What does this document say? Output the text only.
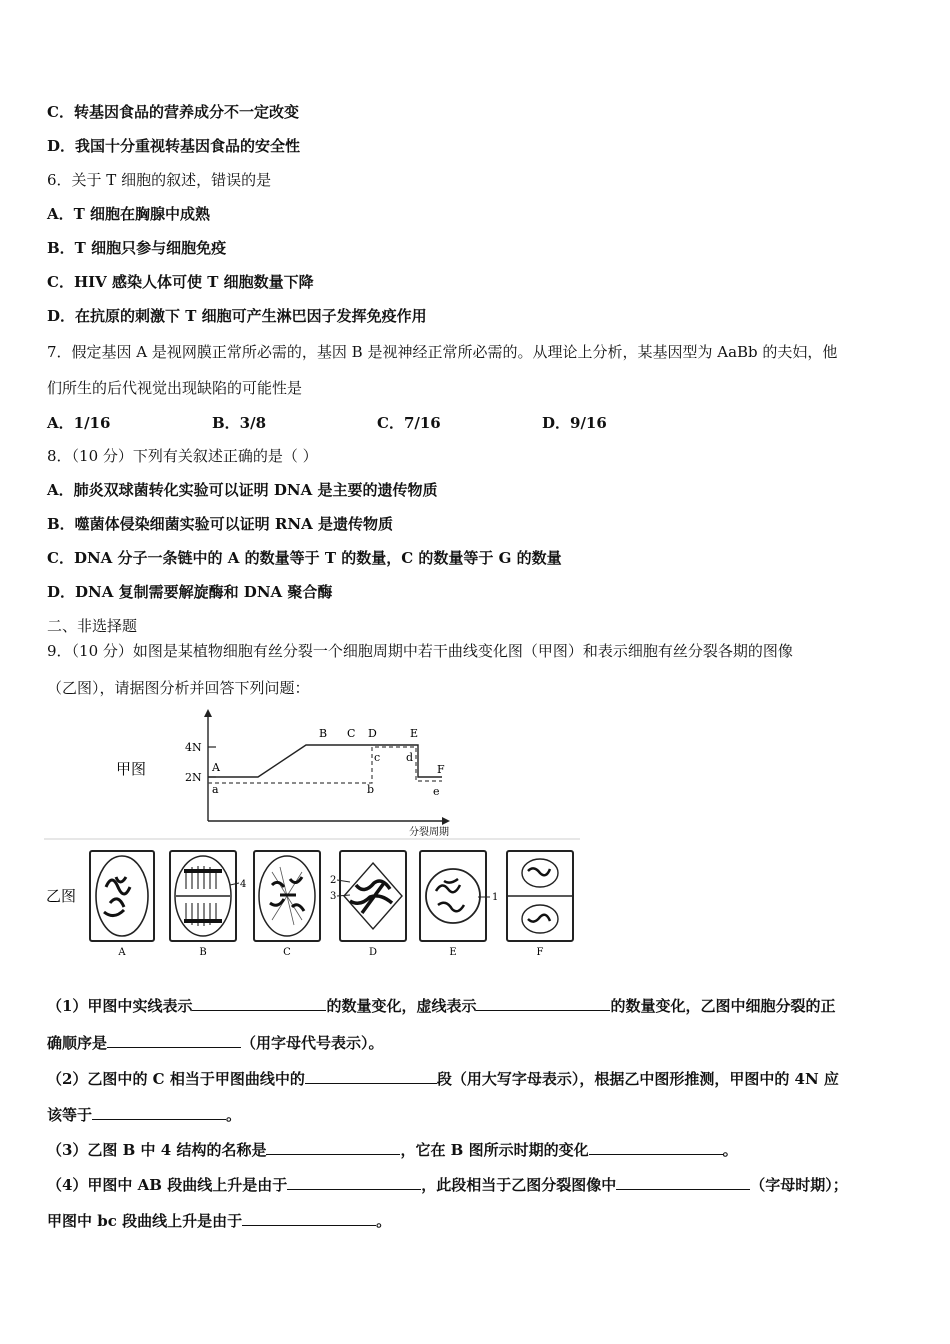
C．转基因食品的营养成分不一定改变
D．我国十分重视转基因食品的安全性
6．关于 T 细胞的叙述，错误的是
A．T 细胞在胸腺中成熟
B．T 细胞只参与细胞免疫
C．HIV 感染人体可使 T 细胞数量下降
D．在抗原的刺激下 T 细胞可产生淋巴因子发挥免疫作用
7．假定基因 A 是视网膜正常所必需的，基因 B 是视神经正常所必需的。从理论上分析，某基因型为 AaBb 的夫妇，他
们所生的后代视觉出现缺陷的可能性是
A．1/16	B．3/8	C．7/16	D．9/16
8．（10 分）下列有关叙述正确的是（ ）
A．肺炎双球菌转化实验可以证明 DNA 是主要的遗传物质
B．噬菌体侵染细菌实验可以证明 RNA 是遗传物质
C．DNA 分子一条链中的 A 的数量等于 T 的数量，C 的数量等于 G 的数量
D．DNA 复制需要解旋酶和 DNA 聚合酶
二、非选择题
9．（10 分）如图是某植物细胞有丝分裂一个细胞周期中若干曲线变化图（甲图）和表示细胞有丝分裂各期的图像
（乙图），请据图分析并回答下列问题：
甲图
4N
2N
A
B C D	E
F
a	b
c d
e
分裂周期
乙图
4	2
3	1
A	B	C	D	E	F
（1）甲图中实线表示	的数量变化，虚线表示	的数量变化，乙图中细胞分裂的正
确顺序是	（用字母代号表示）。
（2）乙图中的 C 相当于甲图曲线中的	段（用大写字母表示），根据乙中图形推测，甲图中的 4N 应
该等于	。
（3）乙图 B 中 4 结构的名称是	，它在 B 图所示时期的变化	。
（4）甲图中 AB 段曲线上升是由于	，此段相当于乙图分裂图像中	（字母时期）；
甲图中 bc 段曲线上升是由于	。
